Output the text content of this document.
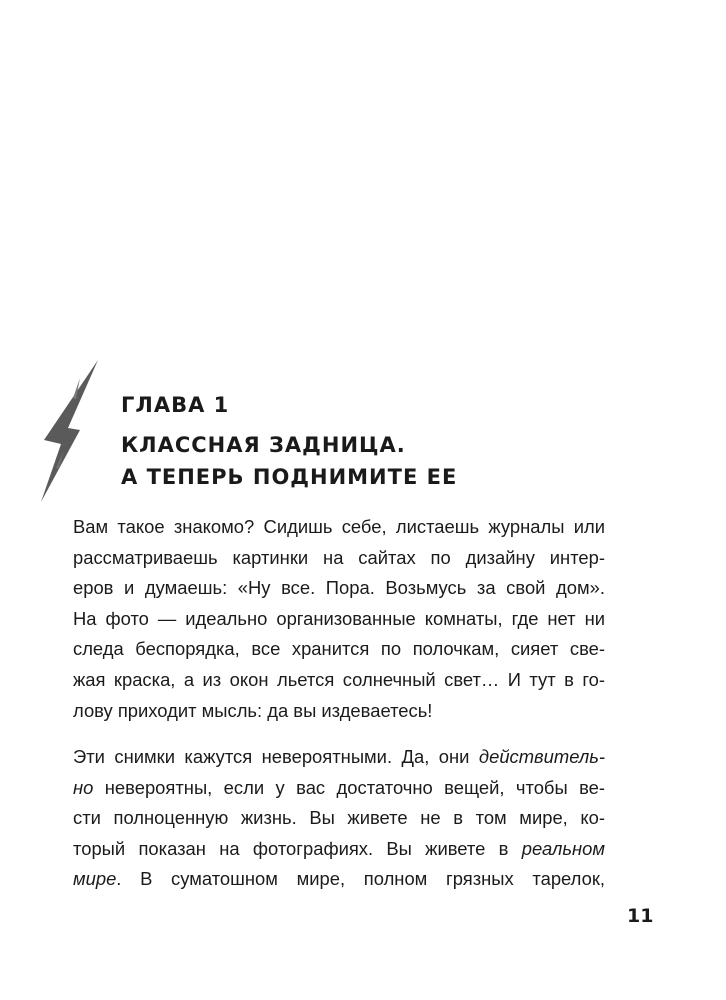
ГЛАВА 1
КЛАССНАЯ ЗАДНИЦА.
А ТЕПЕРЬ ПОДНИМИТЕ ЕЕ
Вам такое знакомо? Сидишь себе, листаешь журналы или
рассматриваешь картинки на сайтах по дизайну интер-
еров и думаешь: «Ну все. Пора. Возьмусь за свой дом».
На фото — идеально организованные комнаты, где нет ни
следа беспорядка, все хранится по полочкам, сияет све-
жая краска, а из окон льется солнечный свет… И тут в го-
лову приходит мысль: да вы издеваетесь!
Эти снимки кажутся невероятными. Да, они действитель-
но невероятны, если у вас достаточно вещей, чтобы ве-
сти полноценную жизнь. Вы живете не в том мире, ко-
торый показан на фотографиях. Вы живете в реальном
мире. В суматошном мире, полном грязных тарелок,
11
